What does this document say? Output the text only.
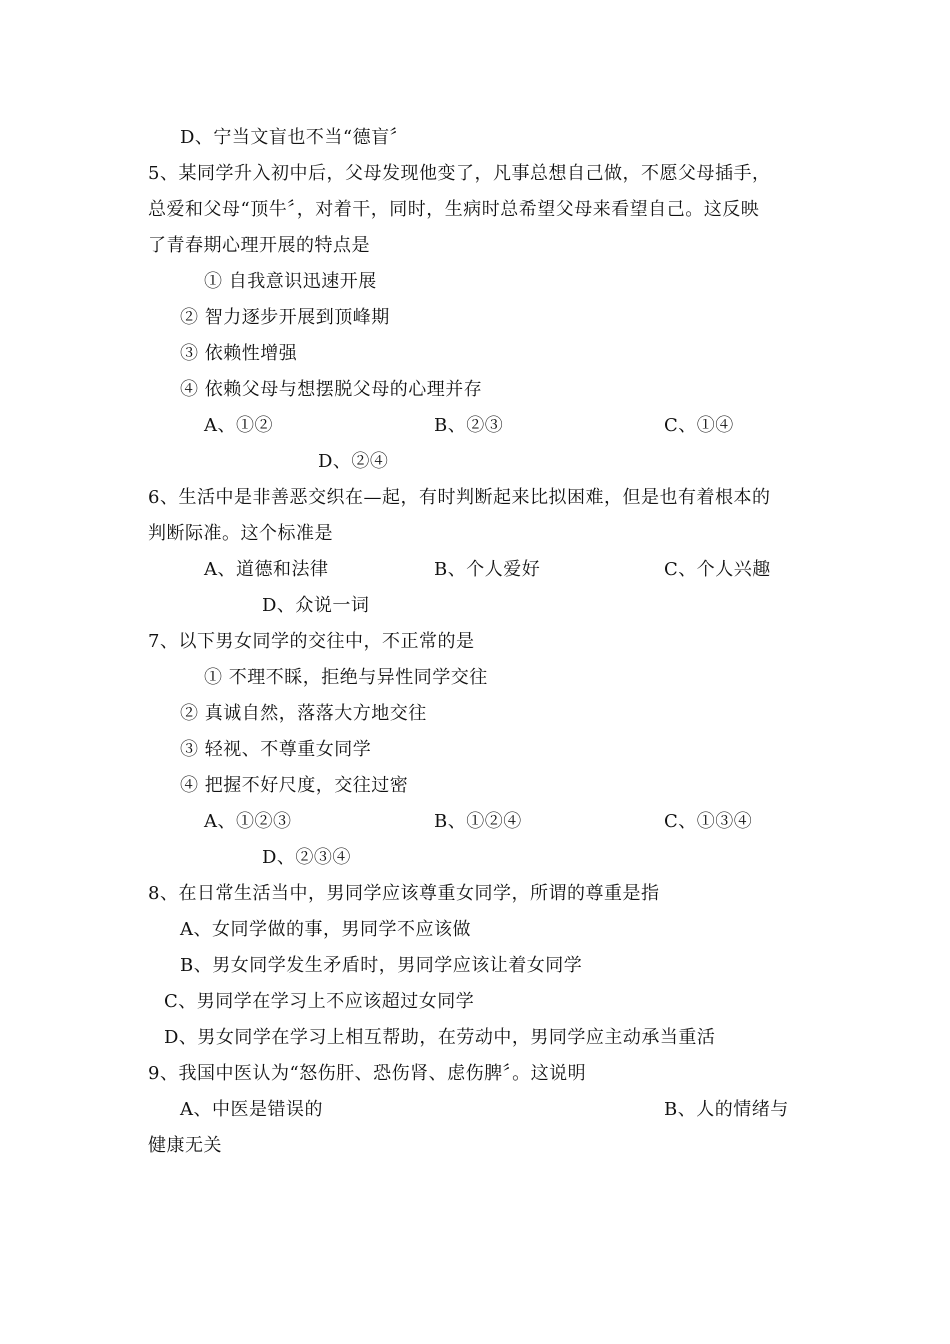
D、宁当文盲也不当“德盲〞
5、某同学升入初中后，父母发现他变了，凡事总想自己做，不愿父母插手，
总爱和父母“顶牛〞，对着干，同时，生病时总希望父母来看望自己。这反映
了青春期心理开展的特点是
① 自我意识迅速开展
② 智力逐步开展到顶峰期
③ 依赖性增强
④ 依赖父母与想摆脱父母的心理并存
A、①②	B、②③	C、①④
D、②④
6、生活中是非善恶交织在—起，有时判断起来比拟困难，但是也有着根本的
判断际准。这个标准是
A、道德和法律	B、个人爱好	C、个人兴趣
D、众说一词
7、以下男女同学的交往中，不正常的是
① 不理不睬，拒绝与异性同学交往
② 真诚自然，落落大方地交往
③ 轻视、不尊重女同学
④ 把握不好尺度，交往过密
A、①②③	B、①②④	C、①③④
D、②③④
8、在日常生活当中，男同学应该尊重女同学，所谓的尊重是指
A、女同学做的事，男同学不应该做
B、男女同学发生矛盾时，男同学应该让着女同学
C、男同学在学习上不应该超过女同学
D、男女同学在学习上相互帮助，在劳动中，男同学应主动承当重活
9、我国中医认为“怒伤肝、恐伤肾、虑伤脾〞。这说明
A、中医是错误的	B、人的情绪与
健康无关
